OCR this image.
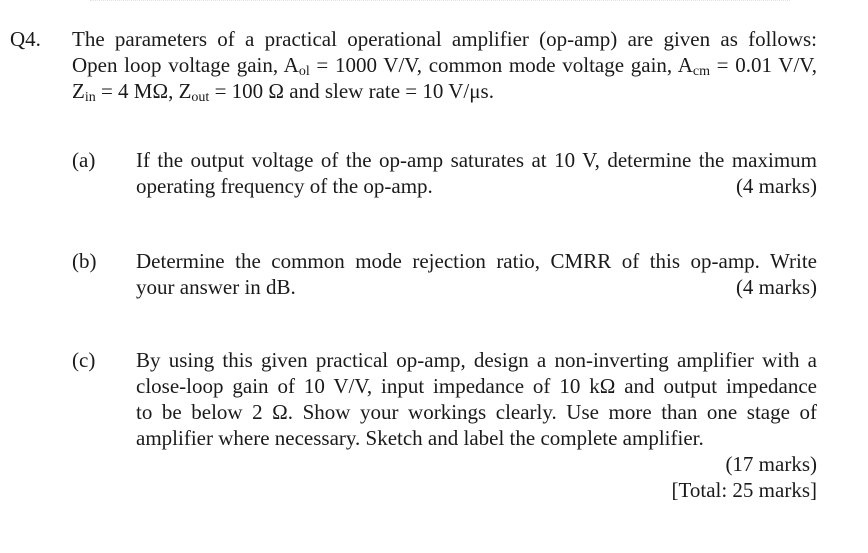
Q4. The parameters of a practical operational amplifier (op-amp) are given as follows:

Open loop voltage gain, $A_{ol} = 1000$ V/V, common mode voltage gain, $A_{cm} = 0.01$ V/V,

$Z_{in} = 4$ MΩ, $Z_{out} = 100$ Ω and slew rate = 10 V/μs.

(a) If the output voltage of the op-amp saturates at 10 V, determine the maximum

operating frequency of the op-amp.	(4 marks)
(b) Determine the common mode rejection ratio, CMRR of this op-amp. Write

your answer in dB.	(4 marks)
(c) By using this given practical op-amp, design a non-inverting amplifier with a

close-loop gain of 10 V/V, input impedance of 10 kΩ and output impedance

to be below 2 Ω. Show your workings clearly. Use more than one stage of

amplifier where necessary. Sketch and label the complete amplifier.

(17 marks)

[Total: 25 marks]
